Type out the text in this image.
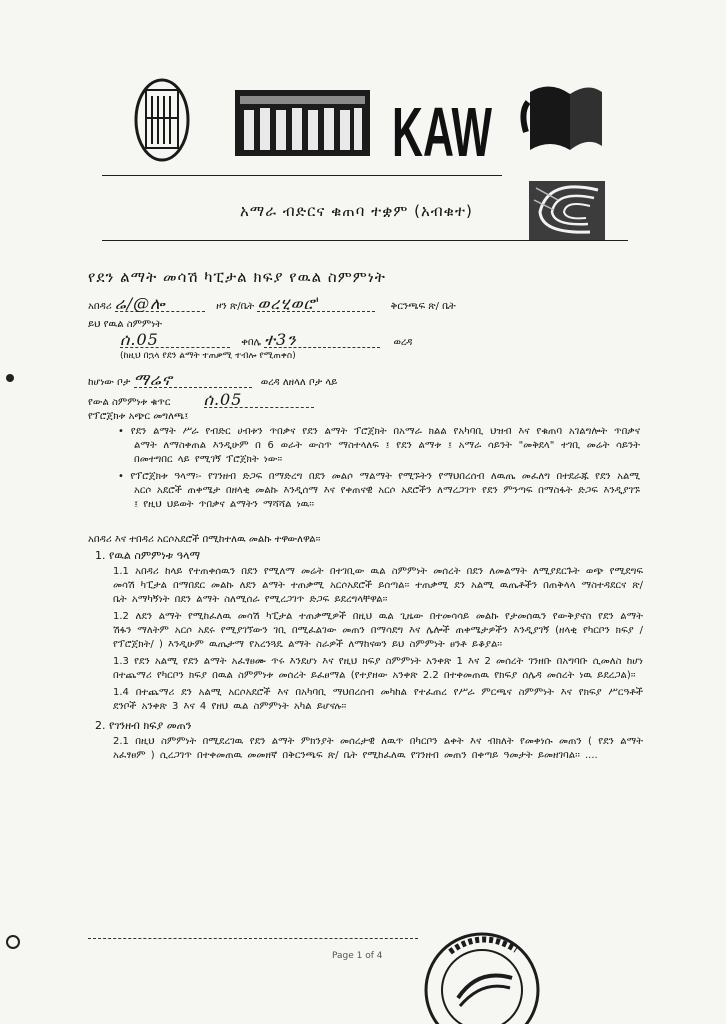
KAW
አማራ ብድርና ቁጠባ ተቋም (አብቁተ)
የደን ልማት መሳሽ ካፒታል ክፍያ የዉል ስምምነት
አበዳሪ ሬ/@ሎ	ዞን ጽ/ቤት ወረሂወሮ'	ቅርንጫፍ ጽ/ ቤት
ይህ የዉል ስምምነት
ሰ.05	ቀበሌ ተ3ን	ወረዳ
(ከዚህ በኋላ የደን ልማት ተጠቃሚ ተብሎ የሚጠቀስ)
ከሆነው ቦታ ማሬኖ	ወረዳ ለዘላለ ቦታ ላይ
የውል ስምምነቱ ቁጥር ሰ.05
የፕሮጀክቱ አጭር መግለጫ፤

• የደን ልማት ሥራ የብድር ሀብቱን ጥበቃና የደን ልማት ፕሮጀክት በአማራ ክልል የአካባቢ ህዝብ እና የቁጠባ አገልግሎት ጥበቃና ልማት ለማስቀጠል እንዲሁም በ 6 ወራት ውስጥ ማስተላለፍ ፤ የደን ልማቱ ፤ አማራ ሳይንት "መቅደላ" ተገቢ መሬት ሳይንት በመተግበር ላይ የሚገኝ ፕሮጀክት ነው፡፡

• የፕሮጀክቱ ዓላማ፡- የገንዘብ ድጋፍ በማድረግ በደን መልሶ ማልማት የሚኙትን የማህበረሰብ ለዉጤ መፈለግ በተደራጁ የደን አልሚ አርሶ አደሮች ጠቀሜታ በዘላቂ መልኩ እንዲሰማ እና የቀጠናዊ አርሶ አደሮችን ለማረጋገጥ የደን ምንጣፍ በማስፋት ድጋፍ እንዲያገኙ ፤ የዚህ ህይወት ጥበቃና ልማትን ማሻሻል ነዉ፡፡

አበዳሪ እና ተበዳሪ አርሶአደሮች በሚከተለዉ መልኩ ተዋውለዋል፡፡

1. የዉል ስምምነቱ ዓላማ

1.1 አበዳሪ ከላይ የተጠቀሰዉን በደን የሚለማ መሬት በተገቢው ዉል ስምምነት መሰረት በደን ለመልማት ለሚያደርጉት ወጭ የሚደግፍ መሳሽ ካፒታል በማበደር መልኩ ለደን ልማት ተጠቃሚ አርሶአደሮች ይሰጣል፡፡ ተጠቃሚ ደን አልሚ ዉጤቶችን በጠቅላላ ማስተዳደርና ጽ/ ቤት አማካኝነት በደን ልማት ስለሚሰራ የሚረጋገጥ ድጋፍ ይደረግላቸዋል፡፡

1.2 ለደን ልማት የሚከፈለዉ መሳሽ ካፒታል ተጠቃሚዎች በዚህ ዉል ጊዜው በተመሳሳይ መልኩ የታመሰዉን የውቅያኖስ የደን ልማት ሽፋን ማለትም አርሶ አደሩ የሚያገኘውን ገቢ በሚፈልገው መጠን በማሳደግ እና ሌሎች ጠቀሜታዎችን እንዲያገኝ (ዘላቂ የካርቦን ክፍያ /የፕሮጀክት/ ) እንዲሁም ዉጤታማ የአረንጓዴ ልማት ስራዎች ለማከናወን ይህ ስምምነት ፀንቶ ይቆያል፡፡

1.3 የደን አልሚ የደን ልማት አፈፃፀሙ ጥሩ እንደሆነ እና የዚህ ክፍያ ስምምነት አንቀጽ 1 እና 2 መሰረት ገንዘቡ በአግባቡ ሲመለስ ከሆነ በተጨማሪ የካርቦን ክፍያ በዉል ስምምነቱ መሰረት ይፈፀማል (የተያዘው አንቀጽ 2.2 በተቀመጠዉ የክፍያ ሰሌዳ መሰረት ነዉ ይደረጋል)፡፡

1.4 በተጨማሪ ደን አልሚ አርሶአደሮች እና በአካባቢ ማህበረሰብ መካከል የተፈጠረ የሥራ ምርጫና ስምምነት እና የክፍያ ሥርዓቶች ደንቦች አንቀጽ 3 እና 4 የዘህ ዉል ስምምነት አካል ይሆናሉ፡፡

2. የገንዘብ ክፍያ መጠን

2.1 በዚህ ስምምነት በሚደረገዉ የደን ልማት ምክንያት መሰረታዊ ለዉጥ በካርቦን ልቀት እና ብክለት የመቀነሱ መጠን ( የደን ልማት አፈፃፀም ) ሲረጋገጥ በተቀመጠዉ መመዘኛ በቅርንጫፍ ጽ/ ቤት የሚከፈለዉ የገንዘብ መጠን በቀጣይ ዓመታት ይመዘገባል፡፡ ....

Page 1 of 4
